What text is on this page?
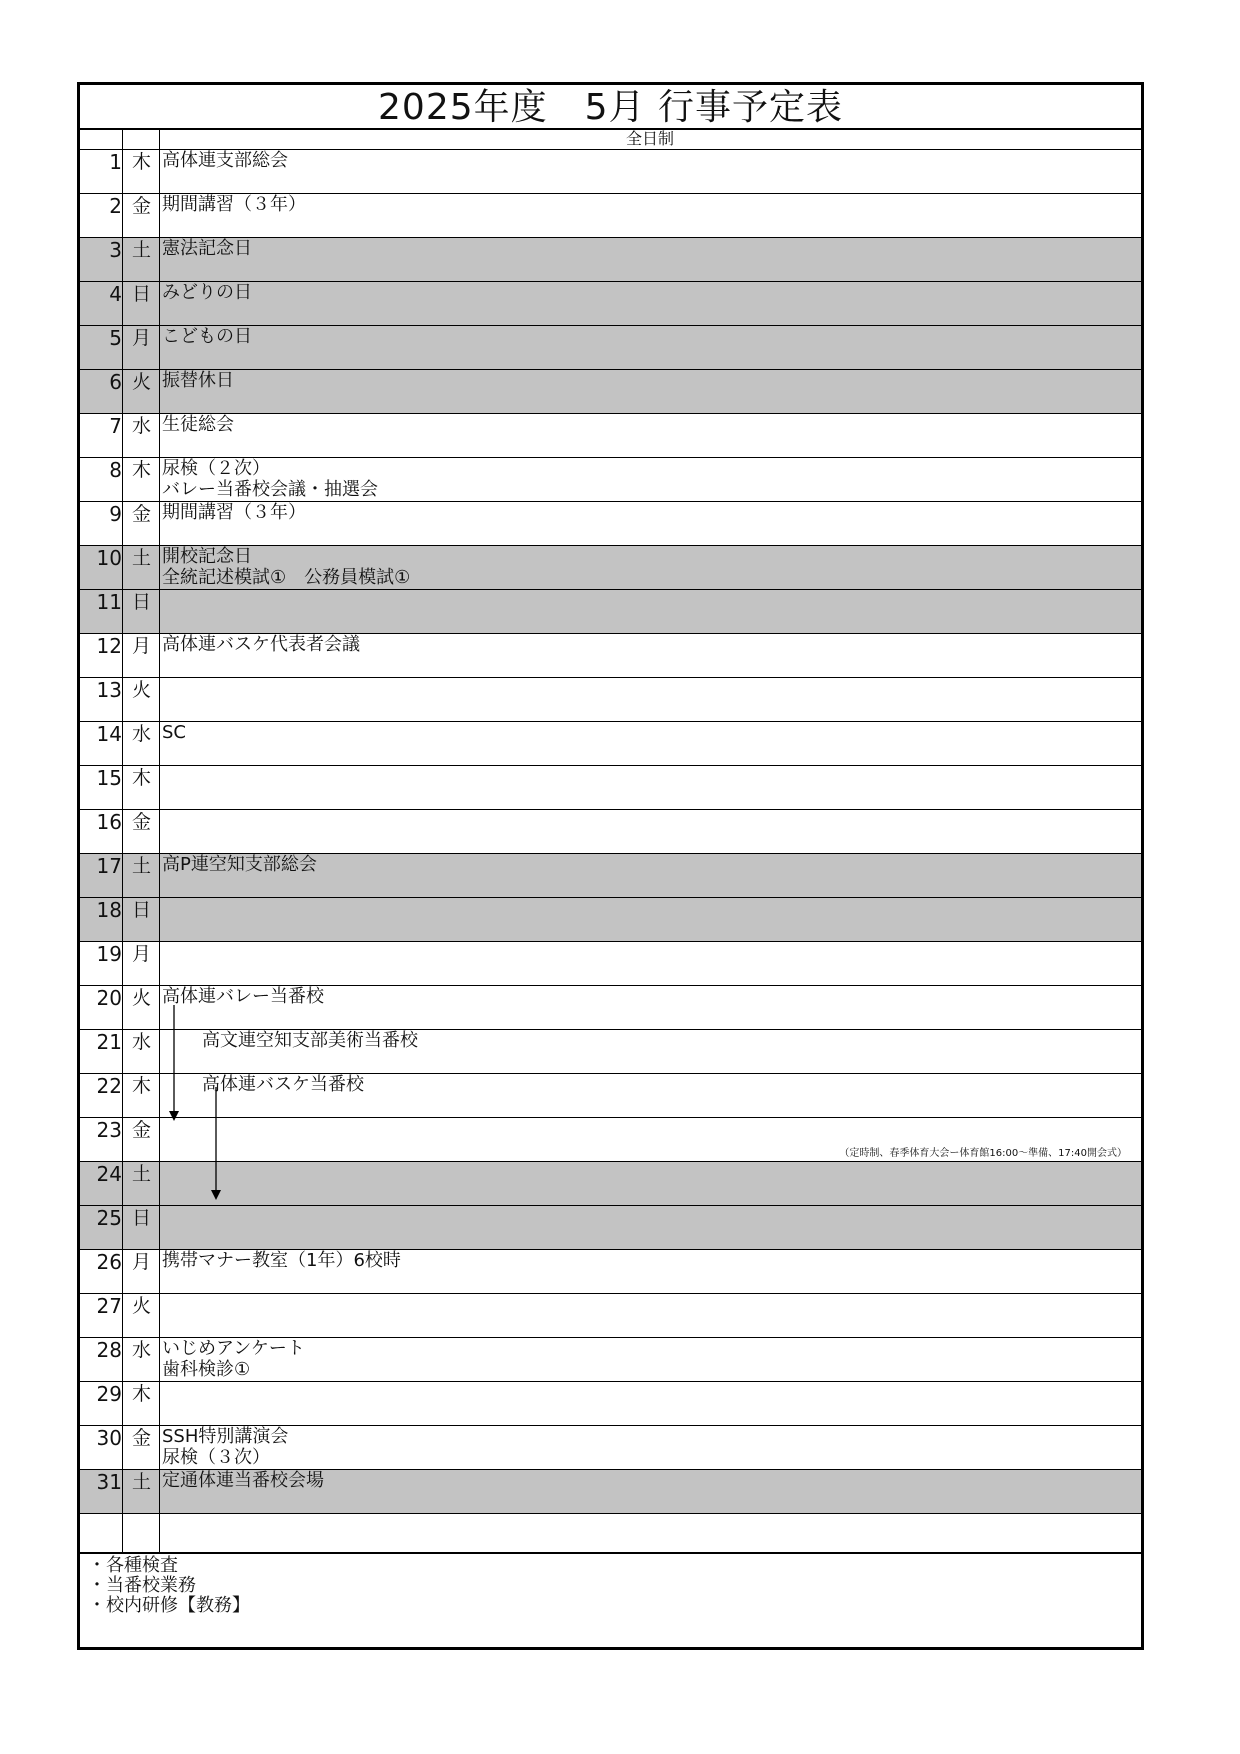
2025年度　5月 行事予定表
全日制
1 木 高体連支部総会
2 金 期間講習（３年）
3 土 憲法記念日
4 日 みどりの日
5 月 こどもの日
6 火 振替休日
7 水 生徒総会
8 木 尿検（２次）
バレー当番校会議・抽選会
9 金 期間講習（３年）
10 土 開校記念日
全統記述模試①　公務員模試①
11 日
12 月 高体連バスケ代表者会議
13 火
14 水 SC
15 木
16 金
17 土 高P連空知支部総会
18 日
19 月
20 火 高体連バレー当番校
21 水	高文連空知支部美術当番校
22 木	高体連バスケ当番校
23 金
（定時制、春季体育大会ー体育館16:00～準備、17:40開会式）
24 土
25 日
26 月 携帯マナー教室（1年）6校時
27 火
28 水 いじめアンケート
歯科検診①
29 木
30 金 SSH特別講演会
尿検（３次）
31 土 定通体連当番校会場
・各種検査
・当番校業務
・校内研修【教務】
